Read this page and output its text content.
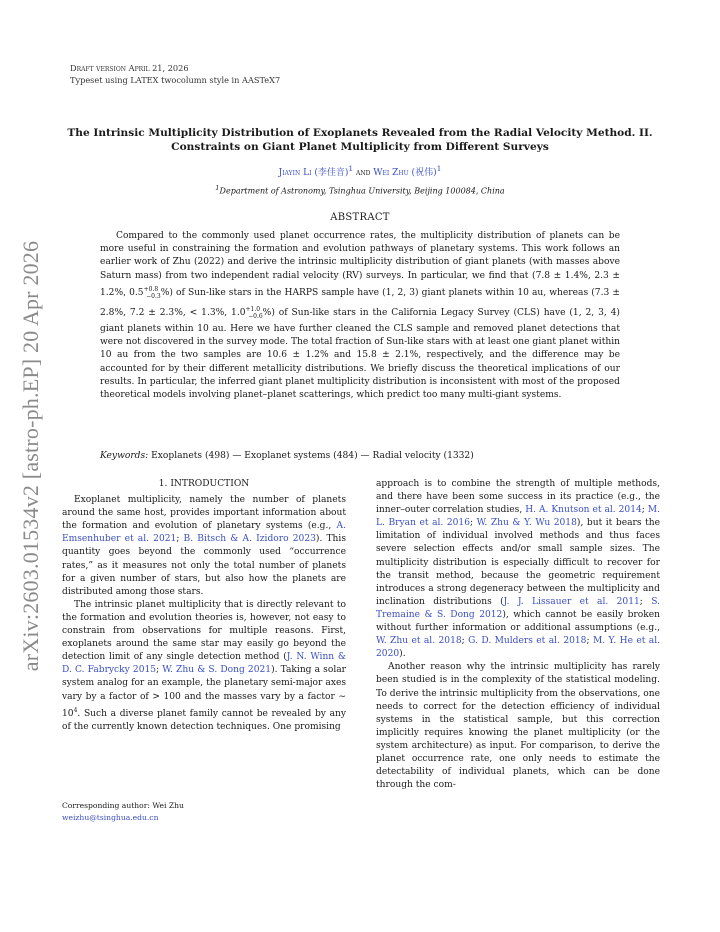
arXiv:2603.01534v2 [astro-ph.EP] 20 Apr 2026
Draft version April 21, 2026
Typeset using LATEX twocolumn style in AASTeX7
The Intrinsic Multiplicity Distribution of Exoplanets Revealed from the Radial Velocity Method. II. Constraints on Giant Planet Multiplicity from Different Surveys
Jiayin Li (李佳音)$^1$ and Wei Zhu (祝伟)$^1$
$^1$Department of Astronomy, Tsinghua University, Beijing 100084, China
ABSTRACT
Compared to the commonly used planet occurrence rates, the multiplicity distribution of planets can be more useful in constraining the formation and evolution pathways of planetary systems. This work follows an earlier work of Zhu (2022) and derive the intrinsic multiplicity distribution of giant planets (with masses above Saturn mass) from two independent radial velocity (RV) surveys. In particular, we find that (7.8 ± 1.4%, 2.3 ± 1.2%, $0.5^{+0.8}_{-0.3}\%$) of Sun-like stars in the HARPS sample have (1, 2, 3) giant planets within 10 au, whereas (7.3 ± 2.8%, 7.2 ± 2.3%, < 1.3%, $1.0^{+1.0}_{-0.6}\%$) of Sun-like stars in the California Legacy Survey (CLS) have (1, 2, 3, 4) giant planets within 10 au. Here we have further cleaned the CLS sample and removed planet detections that were not discovered in the survey mode. The total fraction of Sun-like stars with at least one giant planet within 10 au from the two samples are 10.6 ± 1.2% and 15.8 ± 2.1%, respectively, and the difference may be accounted for by their different metallicity distributions. We briefly discuss the theoretical implications of our results. In particular, the inferred giant planet multiplicity distribution is inconsistent with most of the proposed theoretical models involving planet–planet scatterings, which predict too many multi-giant systems.
Keywords: Exoplanets (498) — Exoplanet systems (484) — Radial velocity (1332)

1. INTRODUCTION

Exoplanet multiplicity, namely the number of planets around the same host, provides important information about the formation and evolution of planetary systems (e.g., A. Emsenhuber et al. 2021; B. Bitsch & A. Izidoro 2023). This quantity goes beyond the commonly used “occurrence rates,” as it measures not only the total number of planets for a given number of stars, but also how the planets are distributed among those stars.

The intrinsic planet multiplicity that is directly relevant to the formation and evolution theories is, however, not easy to constrain from observations for multiple reasons. First, exoplanets around the same star may easily go beyond the detection limit of any single detection method (J. N. Winn & D. C. Fabrycky 2015; W. Zhu & S. Dong 2021). Taking a solar system analog for an example, the planetary semi-major axes vary by a factor of > 100 and the masses vary by a factor ∼ $10^4$. Such a diverse planet family cannot be revealed by any of the currently known detection techniques. One promising

approach is to combine the strength of multiple methods, and there have been some success in its practice (e.g., the inner–outer correlation studies, H. A. Knutson et al. 2014; M. L. Bryan et al. 2016; W. Zhu & Y. Wu 2018), but it bears the limitation of individual involved methods and thus faces severe selection effects and/or small sample sizes. The multiplicity distribution is especially difficult to recover for the transit method, because the geometric requirement introduces a strong degeneracy between the multiplicity and inclination distributions (J. J. Lissauer et al. 2011; S. Tremaine & S. Dong 2012), which cannot be easily broken without further information or additional assumptions (e.g., W. Zhu et al. 2018; G. D. Mulders et al. 2018; M. Y. He et al. 2020).

Another reason why the intrinsic multiplicity has rarely been studied is in the complexity of the statistical modeling. To derive the intrinsic multiplicity from the observations, one needs to correct for the detection efficiency of individual systems in the statistical sample, but this correction implicitly requires knowing the planet multiplicity (or the system architecture) as input. For comparison, to derive the planet occurrence rate, one only needs to estimate the detectability of individual planets, which can be done through the com-

Corresponding author: Wei Zhu
weizhu@tsinghua.edu.cn
